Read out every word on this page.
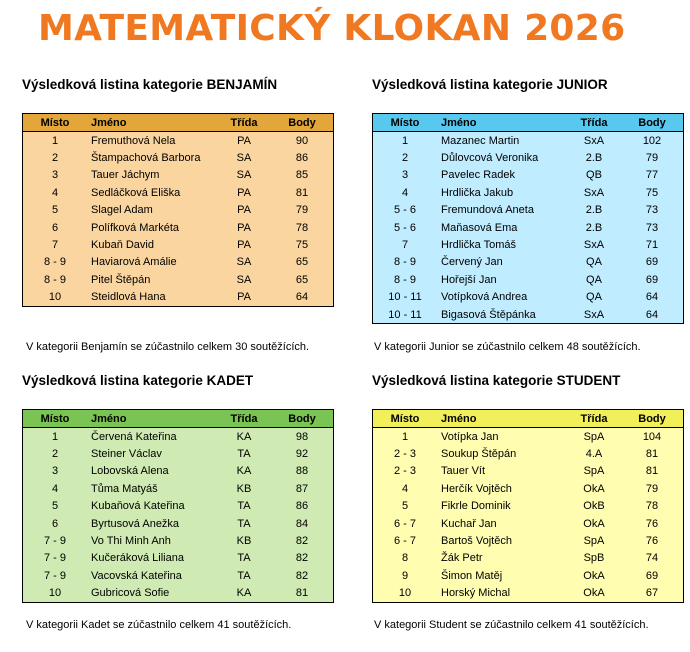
MATEMATICKÝ KLOKAN 2026
Výsledková listina kategorie BENJAMÍN
Místo	Jméno	Třída	Body
1	Fremuthová Nela	PA	90
2	Štampachová Barbora	SA	86
3	Tauer Jáchym	SA	85
4	Sedláčková Eliška	PA	81
5	Slagel Adam	PA	79
6	Polífková Markéta	PA	78
7	Kubaň David	PA	75
8 - 9	Haviarová Amálie	SA	65
8 - 9	Pitel Štěpán	SA	65
10	Steidlová Hana	PA	64
V kategorii Benjamín se zúčastnilo celkem 30 soutěžících.
Výsledková listina kategorie JUNIOR
Místo	Jméno	Třída	Body
1	Mazanec Martin	SxA	102
2	Důlovcová Veronika	2.B	79
3	Pavelec Radek	QB	77
4	Hrdlička Jakub	SxA	75
5 - 6	Fremundová Aneta	2.B	73
5 - 6	Maňasová Ema	2.B	73
7	Hrdlička Tomáš	SxA	71
8 - 9	Červený Jan	QA	69
8 - 9	Hořejší Jan	QA	69
10 - 11	Votípková Andrea	QA	64
10 - 11	Bigasová Štěpánka	SxA	64
V kategorii Junior se zúčastnilo celkem 48 soutěžících.
Výsledková listina kategorie KADET
Místo	Jméno	Třída	Body
1	Červená Kateřina	KA	98
2	Steiner Václav	TA	92
3	Lobovská Alena	KA	88
4	Tůma Matyáš	KB	87
5	Kubaňová Kateřina	TA	86
6	Byrtusová Anežka	TA	84
7 - 9	Vo Thi Minh Anh	KB	82
7 - 9	Kučeráková Liliana	TA	82
7 - 9	Vacovská Kateřina	TA	82
10	Gubricová Sofie	KA	81
V kategorii Kadet se zúčastnilo celkem 41 soutěžících.
Výsledková listina kategorie STUDENT
Místo	Jméno	Třída	Body
1	Votípka Jan	SpA	104
2 - 3	Soukup Štěpán	4.A	81
2 - 3	Tauer Vít	SpA	81
4	Herčík Vojtěch	OkA	79
5	Fikrle Dominik	OkB	78
6 - 7	Kuchař Jan	OkA	76
6 - 7	Bartoš Vojtěch	SpA	76
8	Žák Petr	SpB	74
9	Šimon Matěj	OkA	69
10	Horský Michal	OkA	67
V kategorii Student se zúčastnilo celkem 41 soutěžících.
